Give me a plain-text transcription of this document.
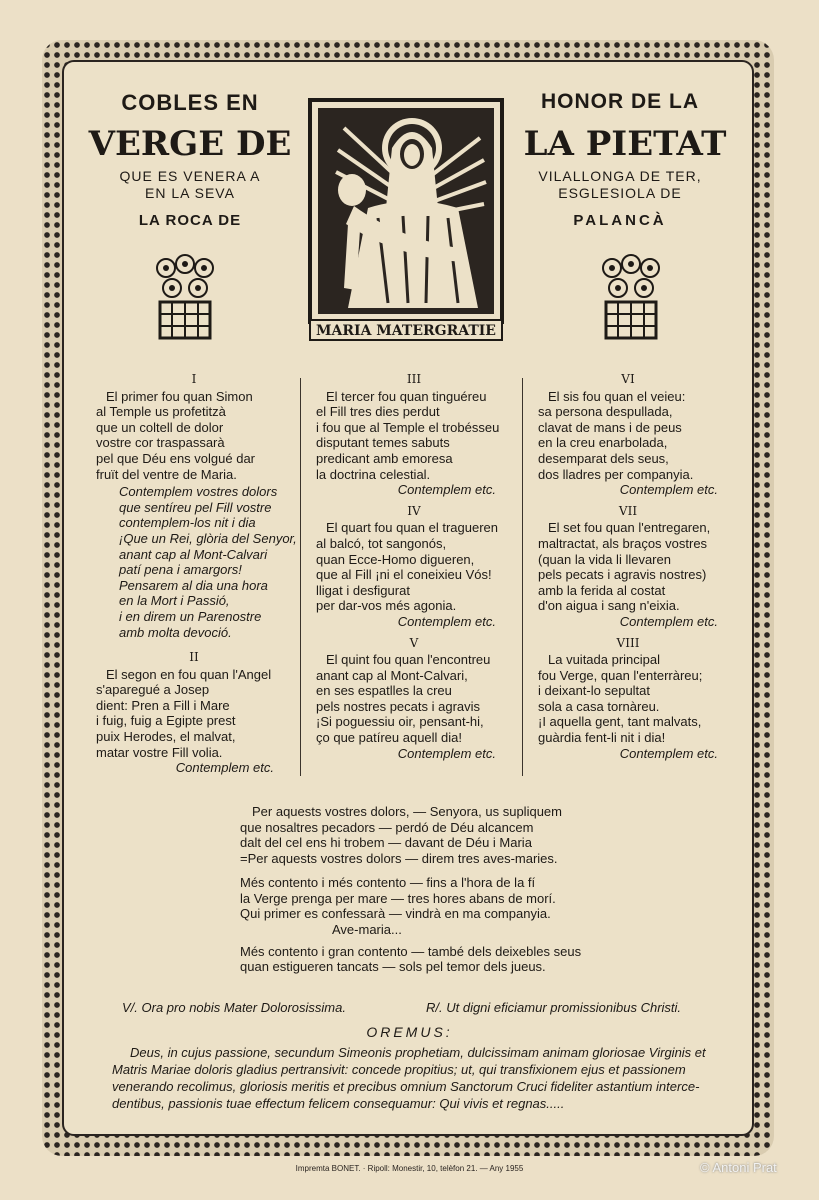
COBLES EN
VERGE DE
QUE ES VENERA A
EN LA SEVA
LA ROCA DE
HONOR DE LA
LA PIETAT
VILALLONGA DE TER,
ESGLESIOLA DE
PALANCÀ
MARIA MATERGRATIE
I
El primer fou quan Simon
al Temple us profetitzà
que un coltell de dolor
vostre cor traspassarà
pel que Déu ens volgué dar
fruït del ventre de Maria.
Contemplem vostres dolors
que sentíreu pel Fill vostre
contemplem-los nit i dia
¡Que un Rei, glòria del Senyor,
anant cap al Mont-Calvari
patí pena i amargors!
Pensarem al dia una hora
en la Mort i Passió,
i en direm un Parenostre
amb molta devoció.
II
El segon en fou quan l'Angel
s'aparegué a Josep
dient: Pren a Fill i Mare
i fuig, fuig a Egipte prest
puix Herodes, el malvat,
matar vostre Fill volia.
Contemplem etc.
III
El tercer fou quan tinguéreu
el Fill tres dies perdut
i fou que al Temple el trobésseu
disputant temes sabuts
predicant amb emoresa
la doctrina celestial.
Contemplem etc.
IV
El quart fou quan el tragueren
al balcó, tot sangonós,
quan Ecce-Homo digueren,
que al Fill ¡ni el coneixieu Vós!
lligat i desfigurat
per dar-vos més agonia.
Contemplem etc.
V
El quint fou quan l'encontreu
anant cap al Mont-Calvari,
en ses espatlles la creu
pels nostres pecats i agravis
¡Si poguessiu oir, pensant-hi,
ço que patíreu aquell dia!
Contemplem etc.
VI
El sis fou quan el veieu:
sa persona despullada,
clavat de mans i de peus
en la creu enarbolada,
desemparat dels seus,
dos lladres per companyia.
Contemplem etc.
VII
El set fou quan l'entregaren,
maltractat, als braços vostres
(quan la vida li llevaren
pels pecats i agravis nostres)
amb la ferida al costat
d'on aigua i sang n'eixia.
Contemplem etc.
VIII
La vuitada principal
fou Verge, quan l'enterràreu;
i deixant-lo sepultat
sola a casa tornàreu.
¡I aquella gent, tant malvats,
guàrdia fent-li nit i dia!
Contemplem etc.
Per aquests vostres dolors, — Senyora, us supliquem
que nosaltres pecadors — perdó de Déu alcancem
dalt del cel ens hi trobem — davant de Déu i Maria
=Per aquests vostres dolors — direm tres aves-maries.
Més contento i més contento — fins a l'hora de la fí
la Verge prenga per mare — tres hores abans de morí.
Qui primer es confessarà — vindrà en ma companyia.
Ave-maria...
Més contento i gran contento — també dels deixebles seus
quan estigueren tancats — sols pel temor dels jueus.
V/. Ora pro nobis Mater Dolorosissima.	R/. Ut digni eficiamur promissionibus Christi.
OREMUS:
Deus, in cujus passione, secundum Simeonis prophetiam, dulcissimam animam gloriosae Virginis et
Matris Mariae doloris gladius pertransivit: concede propitius; ut, qui transfixionem ejus et passionem
venerando recolimus, gloriosis meritis et precibus omnium Sanctorum Cruci fideliter astantium interce-
dentibus, passionis tuae effectum felicem consequamur: Qui vivis et regnas.....
Impremta BONET. · Ripoll: Monestir, 10, telèfon 21. — Any 1955	© Antoni Prat
